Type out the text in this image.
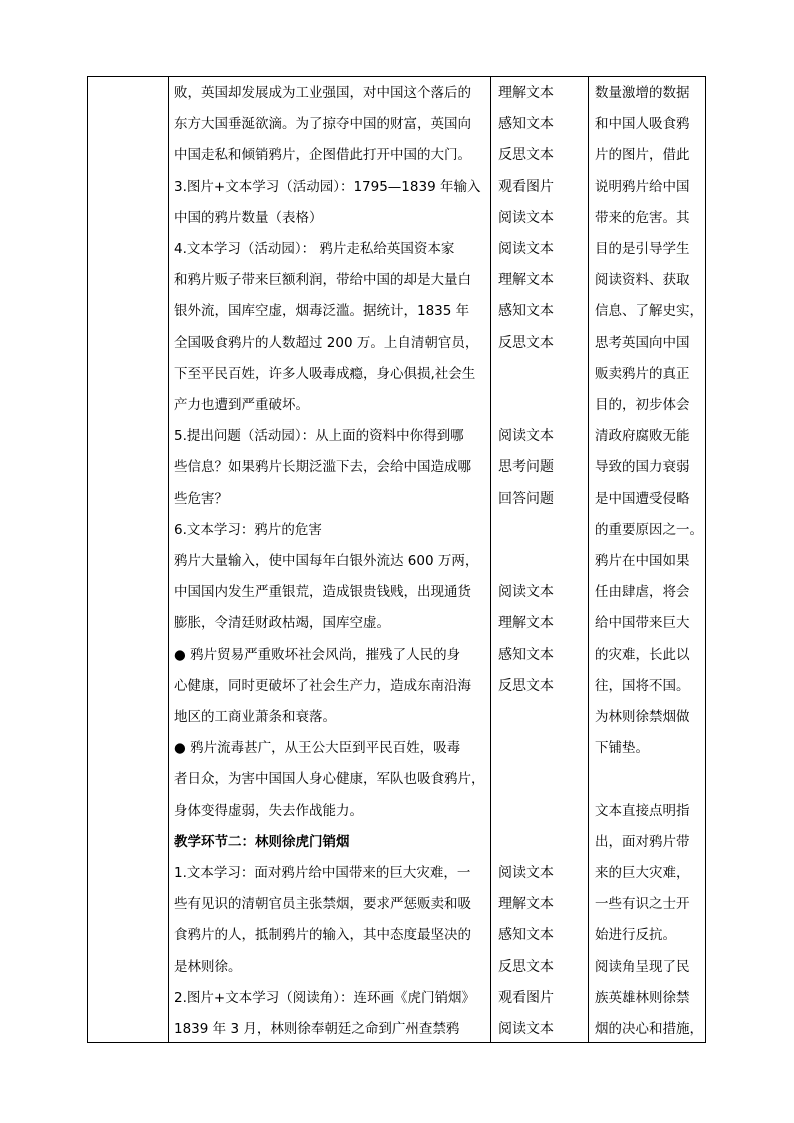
败，英国却发展成为工业强国，对中国这个落后的
东方大国垂涎欲滴。为了掠夺中国的财富，英国向
中国走私和倾销鸦片，企图借此打开中国的大门。
3.图片+文本学习（活动园）：1795—1839 年输入
中国的鸦片数量（表格）
4.文本学习（活动园）： 鸦片走私给英国资本家
和鸦片贩子带来巨额利润，带给中国的却是大量白
银外流，国库空虚，烟毒泛滥。据统计，1835 年
全国吸食鸦片的人数超过 200 万。上自清朝官员，
下至平民百姓，许多人吸毒成瘾，身心俱损,社会生
产力也遭到严重破坏。
5.提出问题（活动园）：从上面的资料中你得到哪
些信息？如果鸦片长期泛滥下去，会给中国造成哪
些危害？
6.文本学习：鸦片的危害
鸦片大量输入，使中国每年白银外流达 600 万两，
中国国内发生严重银荒，造成银贵钱贱，出现通货
膨胀，令清廷财政枯竭，国库空虚。
● 鸦片贸易严重败坏社会风尚，摧残了人民的身
心健康，同时更破坏了社会生产力，造成东南沿海
地区的工商业萧条和衰落。
● 鸦片流毒甚广，从王公大臣到平民百姓，吸毒
者日众，为害中国国人身心健康，军队也吸食鸦片，
身体变得虚弱，失去作战能力。
教学环节二：林则徐虎门销烟
1.文本学习：面对鸦片给中国带来的巨大灾难，一
些有见识的清朝官员主张禁烟，要求严惩贩卖和吸
食鸦片的人，抵制鸦片的输入，其中态度最坚决的
是林则徐。
2.图片+文本学习（阅读角）：连环画《虎门销烟》
1839 年 3 月，林则徐奉朝廷之命到广州查禁鸦
理解文本
感知文本
反思文本
观看图片
阅读文本
阅读文本
理解文本
感知文本
反思文本
阅读文本
思考问题
回答问题
阅读文本
理解文本
感知文本
反思文本
阅读文本
理解文本
感知文本
反思文本
观看图片
阅读文本
数量激增的数据
和中国人吸食鸦
片的图片，借此
说明鸦片给中国
带来的危害。其
目的是引导学生
阅读资料、获取
信息、了解史实，
思考英国向中国
贩卖鸦片的真正
目的，初步体会
清政府腐败无能
导致的国力衰弱
是中国遭受侵略
的重要原因之一。
鸦片在中国如果
任由肆虐，将会
给中国带来巨大
的灾难，长此以
往，国将不国。
为林则徐禁烟做
下铺垫。
文本直接点明指
出，面对鸦片带
来的巨大灾难，
一些有识之士开
始进行反抗。
阅读角呈现了民
族英雄林则徐禁
烟的决心和措施，
